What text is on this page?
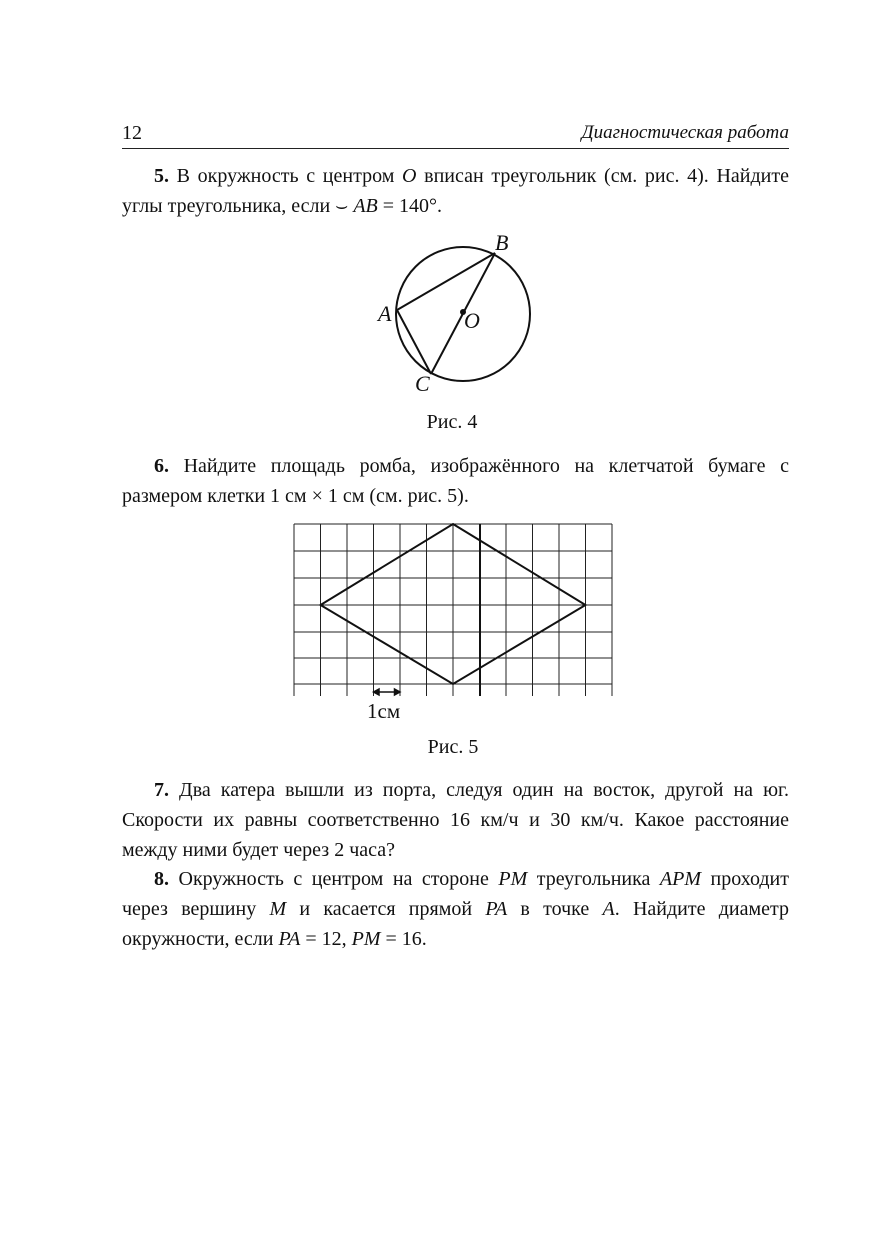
12	Диагностическая работа

5. В окружность с центром O вписан треугольник (см. рис. 4). Найдите углы треугольника, если ⌣ AB = 140°.

B
A	O
C
Рис. 4

6. Найдите площадь ромба, изображённого на клетчатой бумаге с размером клетки 1 см × 1 см (см. рис. 5).

1см
Рис. 5

7. Два катера вышли из порта, следуя один на восток, другой на юг. Скорости их равны соответственно 16 км/ч и 30 км/ч. Какое расстояние между ними будет через 2 часа?

8. Окружность с центром на стороне PM треугольника APM проходит через вершину M и касается прямой PA в точке A. Найдите диаметр окружности, если PA = 12, PM = 16.
